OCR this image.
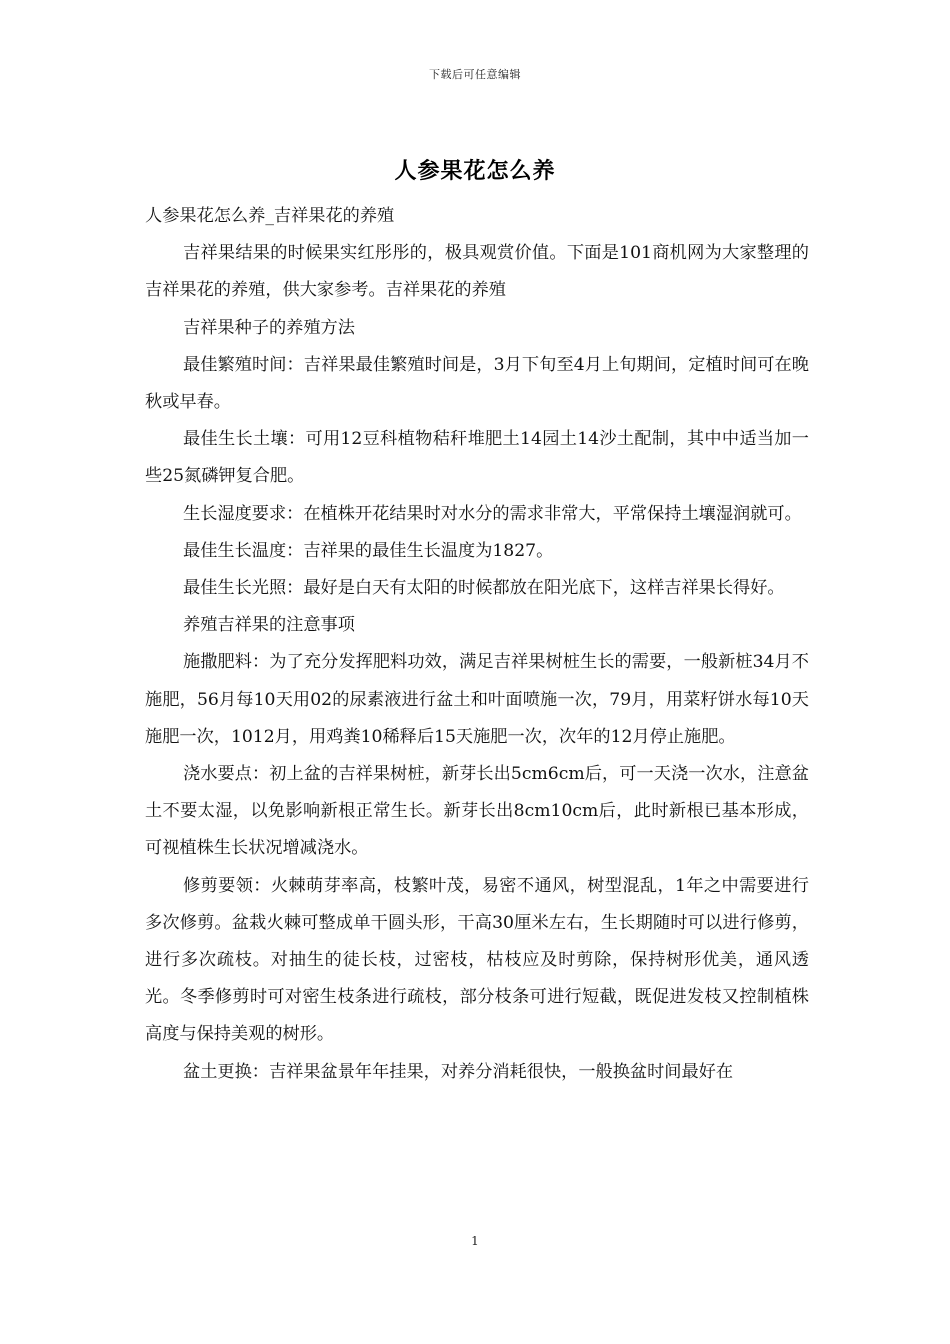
下载后可任意编辑
人参果花怎么养

人参果花怎么养_吉祥果花的养殖

吉祥果结果的时候果实红彤彤的，极具观赏价值。下面是101商机网为大家整理的吉祥果花的养殖，供大家参考。吉祥果花的养殖

吉祥果种子的养殖方法

最佳繁殖时间：吉祥果最佳繁殖时间是，3月下旬至4月上旬期间，定植时间可在晚秋或早春。

最佳生长土壤：可用12豆科植物秸秆堆肥土14园土14沙土配制，其中中适当加一些25氮磷钾复合肥。

生长湿度要求：在植株开花结果时对水分的需求非常大，平常保持土壤湿润就可。

最佳生长温度：吉祥果的最佳生长温度为1827。

最佳生长光照：最好是白天有太阳的时候都放在阳光底下，这样吉祥果长得好。

养殖吉祥果的注意事项

施撒肥料：为了充分发挥肥料功效，满足吉祥果树桩生长的需要，一般新桩34月不施肥，56月每10天用02的尿素液进行盆土和叶面喷施一次，79月，用菜籽饼水每10天施肥一次，1012月，用鸡粪10稀释后15天施肥一次，次年的12月停止施肥。

浇水要点：初上盆的吉祥果树桩，新芽长出5cm6cm后，可一天浇一次水，注意盆土不要太湿，以免影响新根正常生长。新芽长出8cm10cm后，此时新根已基本形成，可视植株生长状况增减浇水。

修剪要领：火棘萌芽率高，枝繁叶茂，易密不通风，树型混乱，1年之中需要进行多次修剪。盆栽火棘可整成单干圆头形，干高30厘米左右，生长期随时可以进行修剪，进行多次疏枝。对抽生的徒长枝，过密枝，枯枝应及时剪除，保持树形优美，通风透光。冬季修剪时可对密生枝条进行疏枝，部分枝条可进行短截，既促进发枝又控制植株高度与保持美观的树形。

盆土更换：吉祥果盆景年年挂果，对养分消耗很快，一般换盆时间最好在

1
